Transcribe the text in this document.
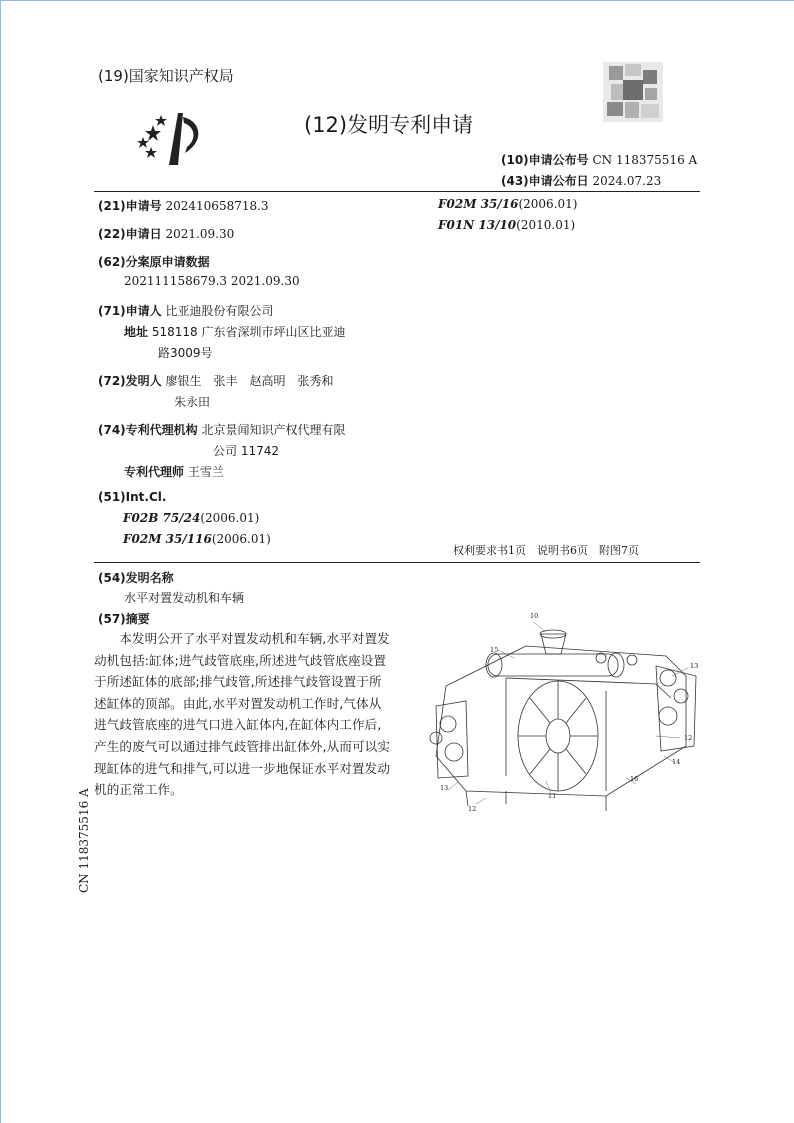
(19)国家知识产权局
(12)发明专利申请
(10)申请公布号 CN 118375516 A
(43)申请公布日 2024.07.23
(21)申请号 202410658718.3
(22)申请日 2021.09.30
(62)分案原申请数据
202111158679.3 2021.09.30
(71)申请人 比亚迪股份有限公司
地址 518118 广东省深圳市坪山区比亚迪
路3009号
(72)发明人 廖银生　张丰　赵高明　张秀和
朱永田
(74)专利代理机构 北京景闻知识产权代理有限
公司 11742
专利代理师 王雪兰
(51)Int.Cl.
F02B 75/24(2006.01)
F02M 35/116(2006.01)
F02M 35/16(2006.01)
F01N 13/10(2010.01)
权利要求书1页　说明书6页　附图7页
(54)发明名称
水平对置发动机和车辆
(57)摘要
本发明公开了水平对置发动机和车辆,水平对置发动机包括:缸体;进气歧管底座,所述进气歧管底座设置于所述缸体的底部;排气歧管,所述排气歧管设置于所述缸体的顶部。由此,水平对置发动机工作时,气体从进气歧管底座的进气口进入缸体内,在缸体内工作后,产生的废气可以通过排气歧管排出缸体外,从而可以实现缸体的进气和排气,可以进一步地保证水平对置发动机的正常工作。
10
15
13
12
14
16
11
12
13
CN 118375516 A
